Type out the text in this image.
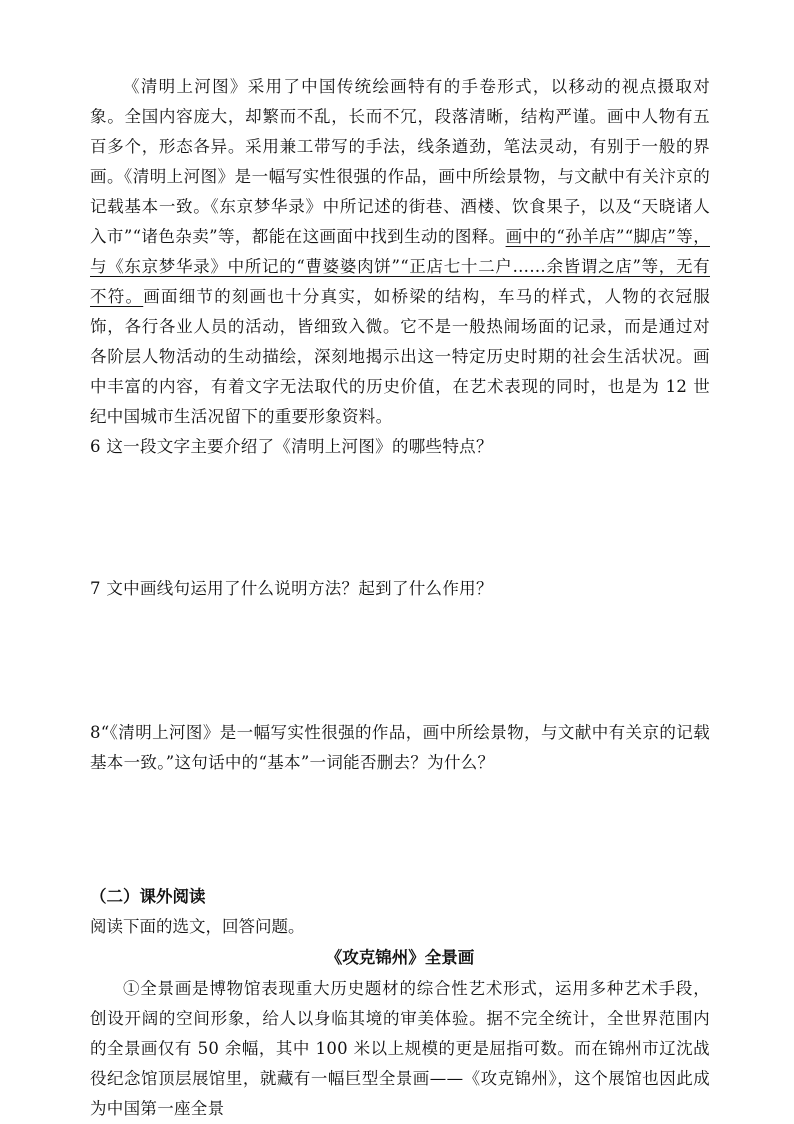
《清明上河图》采用了中国传统绘画特有的手卷形式，以移动的视点摄取对象。全国内容庞大，却繁而不乱，长而不冗，段落清晰，结构严谨。画中人物有五百多个，形态各异。采用兼工带写的手法，线条遒劲，笔法灵动，有别于一般的界画。《清明上河图》是一幅写实性很强的作品，画中所绘景物，与文献中有关汴京的记载基本一致。《东京梦华录》中所记述的街巷、酒楼、饮食果子，以及“天晓诸人入市”“诸色杂卖”等，都能在这画面中找到生动的图释。画中的“孙羊店”“脚店”等，与《东京梦华录》中所记的“曹婆婆肉饼”“正店七十二户……余皆谓之店”等，无有不符。画面细节的刻画也十分真实，如桥梁的结构，车马的样式，人物的衣冠服饰，各行各业人员的活动，皆细致入微。它不是一般热闹场面的记录，而是通过对各阶层人物活动的生动描绘，深刻地揭示出这一特定历史时期的社会生活状况。画中丰富的内容，有着文字无法取代的历史价值，在艺术表现的同时，也是为 12 世纪中国城市生活况留下的重要形象资料。

6 这一段文字主要介绍了《清明上河图》的哪些特点？

7 文中画线句运用了什么说明方法？起到了什么作用？

8“《清明上河图》是一幅写实性很强的作品，画中所绘景物，与文献中有关京的记载基本一致。”这句话中的“基本”一词能否删去？为什么？

（二）课外阅读

阅读下面的选文，回答问题。

《攻克锦州》全景画

①全景画是博物馆表现重大历史题材的综合性艺术形式，运用多种艺术手段，创设开阔的空间形象，给人以身临其境的审美体验。据不完全统计，全世界范围内的全景画仅有 50 余幅，其中 100 米以上规模的更是屈指可数。而在锦州市辽沈战役纪念馆顶层展馆里，就藏有一幅巨型全景画——《攻克锦州》，这个展馆也因此成为中国第一座全景
